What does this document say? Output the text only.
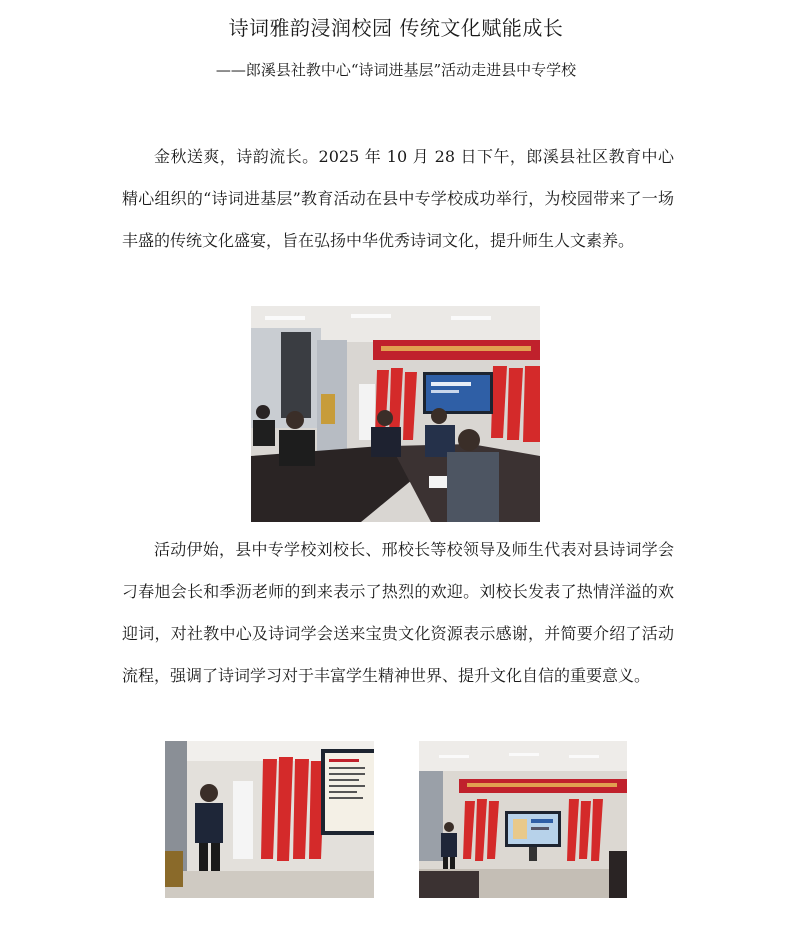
诗词雅韵浸润校园 传统文化赋能成长
——郎溪县社教中心“诗词进基层”活动走进县中专学校

金秋送爽，诗韵流长。2025 年 10 月 28 日下午，郎溪县社区教育中心精心组织的“诗词进基层”教育活动在县中专学校成功举行，为校园带来了一场丰盛的传统文化盛宴，旨在弘扬中华优秀诗词文化，提升师生人文素养。

活动伊始，县中专学校刘校长、邢校长等校领导及师生代表对县诗词学会刁春旭会长和季沥老师的到来表示了热烈的欢迎。刘校长发表了热情洋溢的欢迎词，对社教中心及诗词学会送来宝贵文化资源表示感谢，并简要介绍了活动流程，强调了诗词学习对于丰富学生精神世界、提升文化自信的重要意义。
